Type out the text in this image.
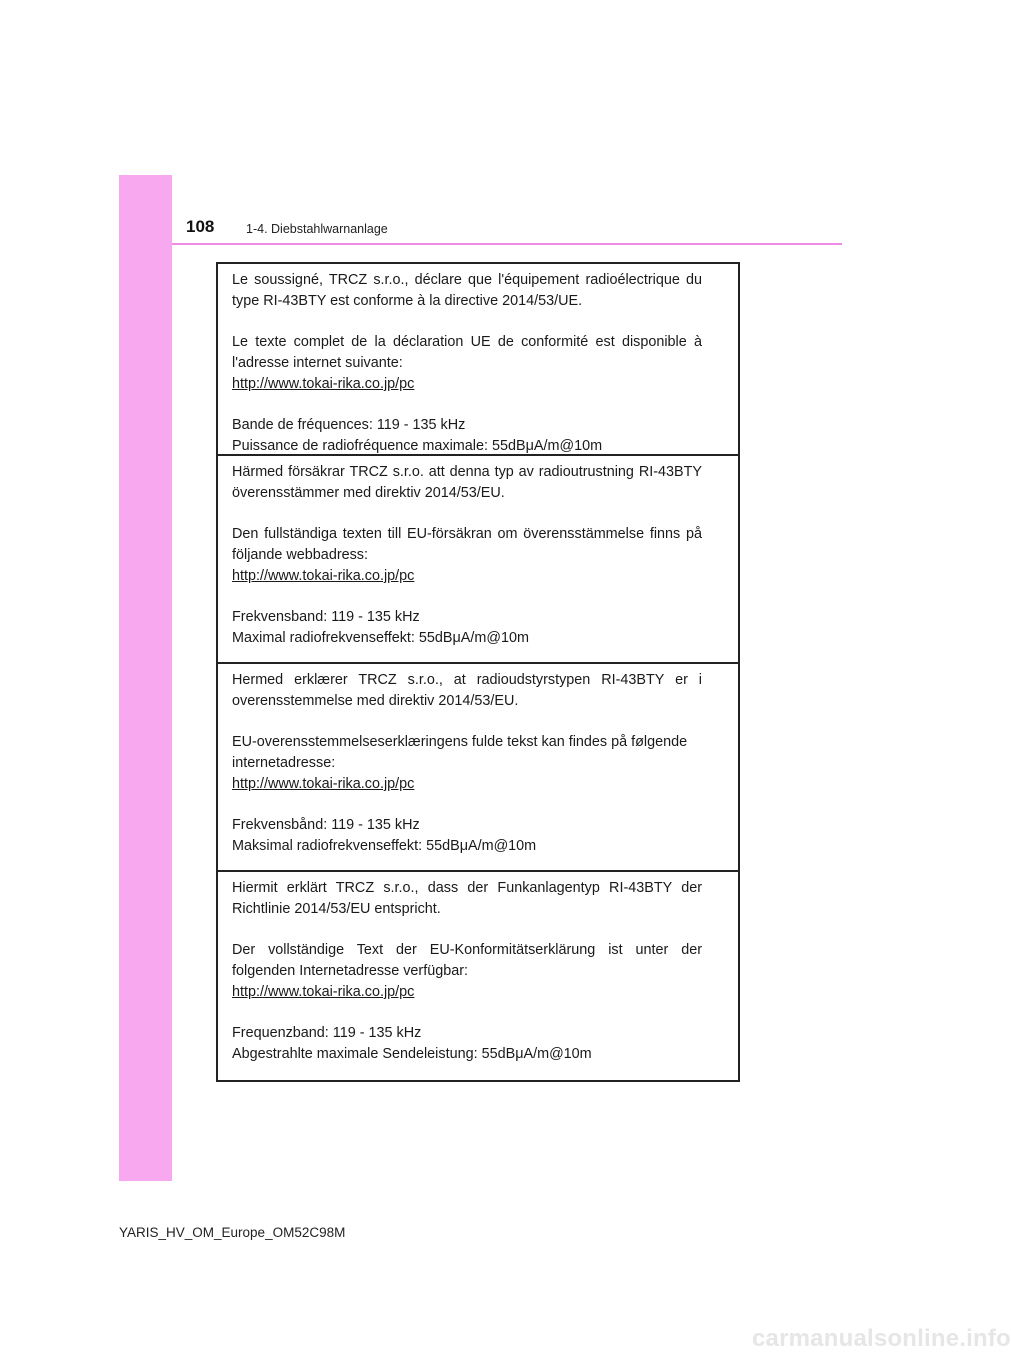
108	1-4. Diebstahlwarnanlage

Le soussigné, TRCZ s.r.o., déclare que l'équipement radioélectrique du type RI-43BTY est conforme à la directive 2014/53/UE.

Le texte complet de la déclaration UE de conformité est disponible à l'adresse internet suivante:

http://www.tokai-rika.co.jp/pc

Bande de fréquences: 119 - 135 kHz

Puissance de radiofréquence maximale: 55dBμA/m@10m

Härmed försäkrar TRCZ s.r.o. att denna typ av radioutrustning RI-43BTY överensstämmer med direktiv 2014/53/EU.

Den fullständiga texten till EU-försäkran om överensstämmelse finns på följande webbadress:

http://www.tokai-rika.co.jp/pc

Frekvensband: 119 - 135 kHz

Maximal radiofrekvenseffekt: 55dBμA/m@10m

Hermed erklærer TRCZ s.r.o., at radioudstyrstypen RI-43BTY er i overensstemmelse med direktiv 2014/53/EU.

EU-overensstemmelseserklæringens fulde tekst kan findes på følgende internetadresse:

http://www.tokai-rika.co.jp/pc

Frekvensbånd: 119 - 135 kHz

Maksimal radiofrekvenseffekt: 55dBμA/m@10m

Hiermit erklärt TRCZ s.r.o., dass der Funkanlagentyp RI-43BTY der Richtlinie 2014/53/EU entspricht.

Der vollständige Text der EU-Konformitätserklärung ist unter der folgenden Internetadresse verfügbar:

http://www.tokai-rika.co.jp/pc

Frequenzband: 119 - 135 kHz

Abgestrahlte maximale Sendeleistung: 55dBμA/m@10m

YARIS_HV_OM_Europe_OM52C98M
carmanualsonline.info
